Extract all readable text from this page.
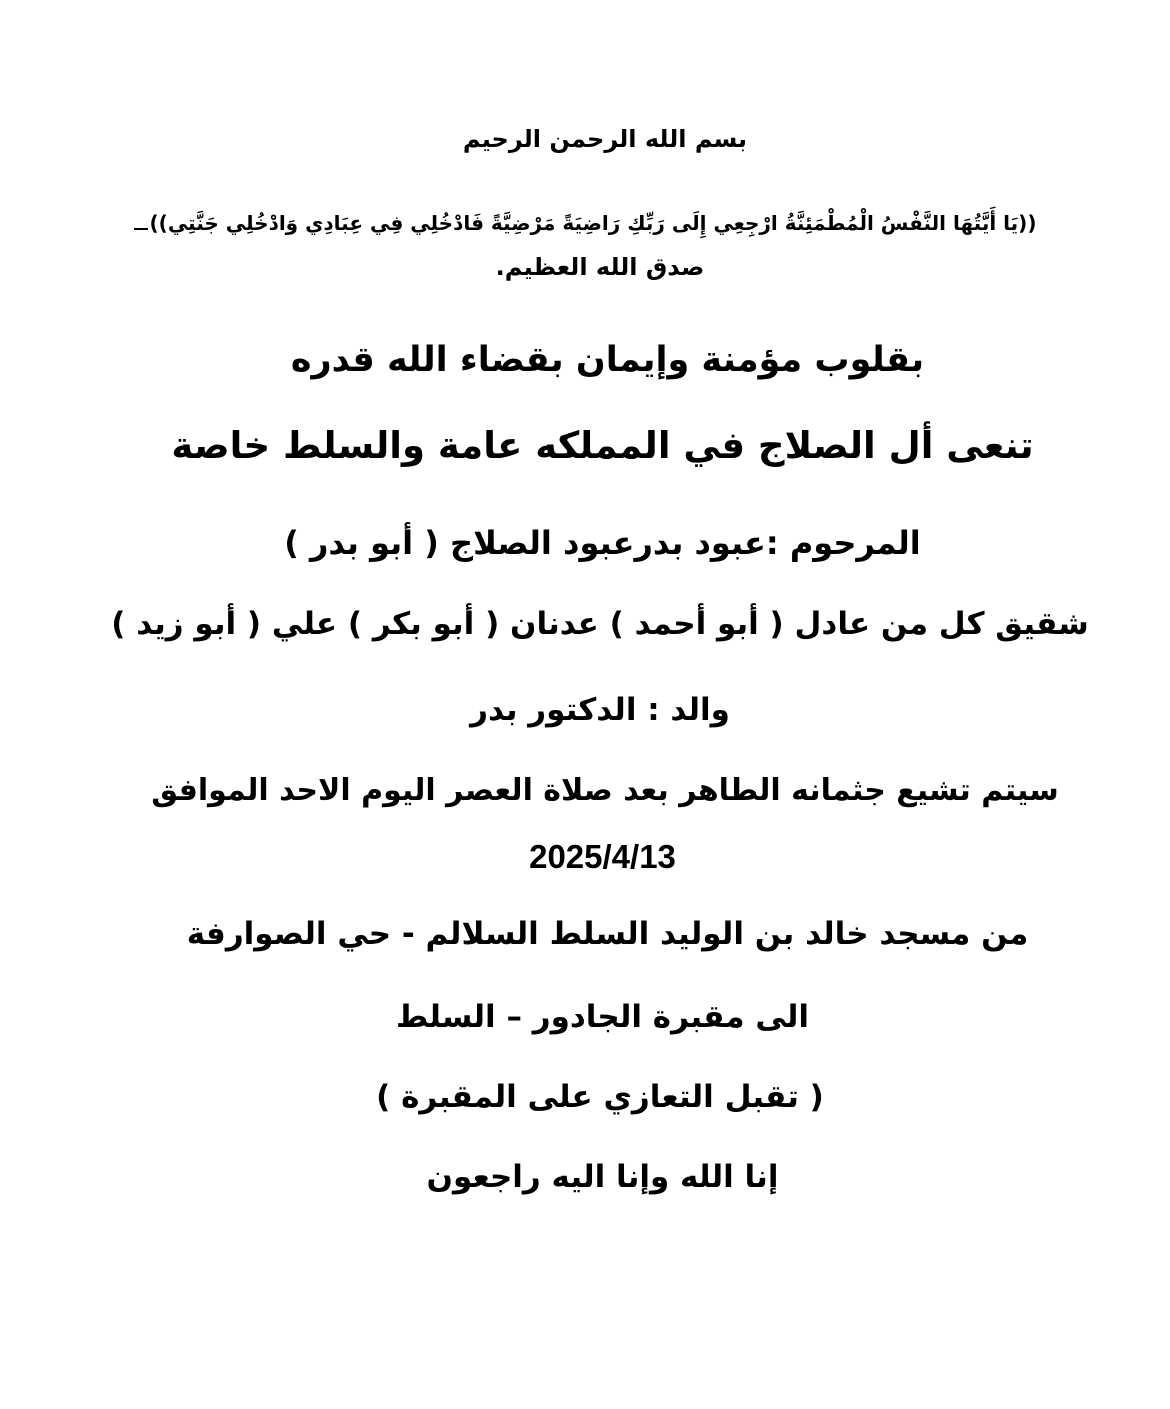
بسم الله الرحمن الرحيم
((يَا أَيَّتُهَا النَّفْسُ الْمُطْمَئِنَّةُ ارْجِعِي إِلَى رَبِّكِ رَاضِيَةً مَرْضِيَّةً فَادْخُلِي فِي عِبَادِي وَادْخُلِي جَنَّتِي))
صدق الله العظيم.
بقلوب مؤمنة وإيمان بقضاء الله قدره
تنعى أل الصلاج في المملكه عامة والسلط خاصة
المرحوم :عبود بدرعبود الصلاج ( أبو بدر )
شقيق كل من عادل ( أبو أحمد ) عدنان ( أبو بكر ) علي ( أبو زيد )
والد : الدكتور بدر
سيتم تشيع جثمانه الطاهر بعد صلاة العصر اليوم الاحد الموافق
2025/4/13
من مسجد خالد بن الوليد السلط السلالم - حي الصوارفة
الى مقبرة الجادور – السلط
( تقبل التعازي على المقبرة )
إنا الله وإنا اليه راجعون
